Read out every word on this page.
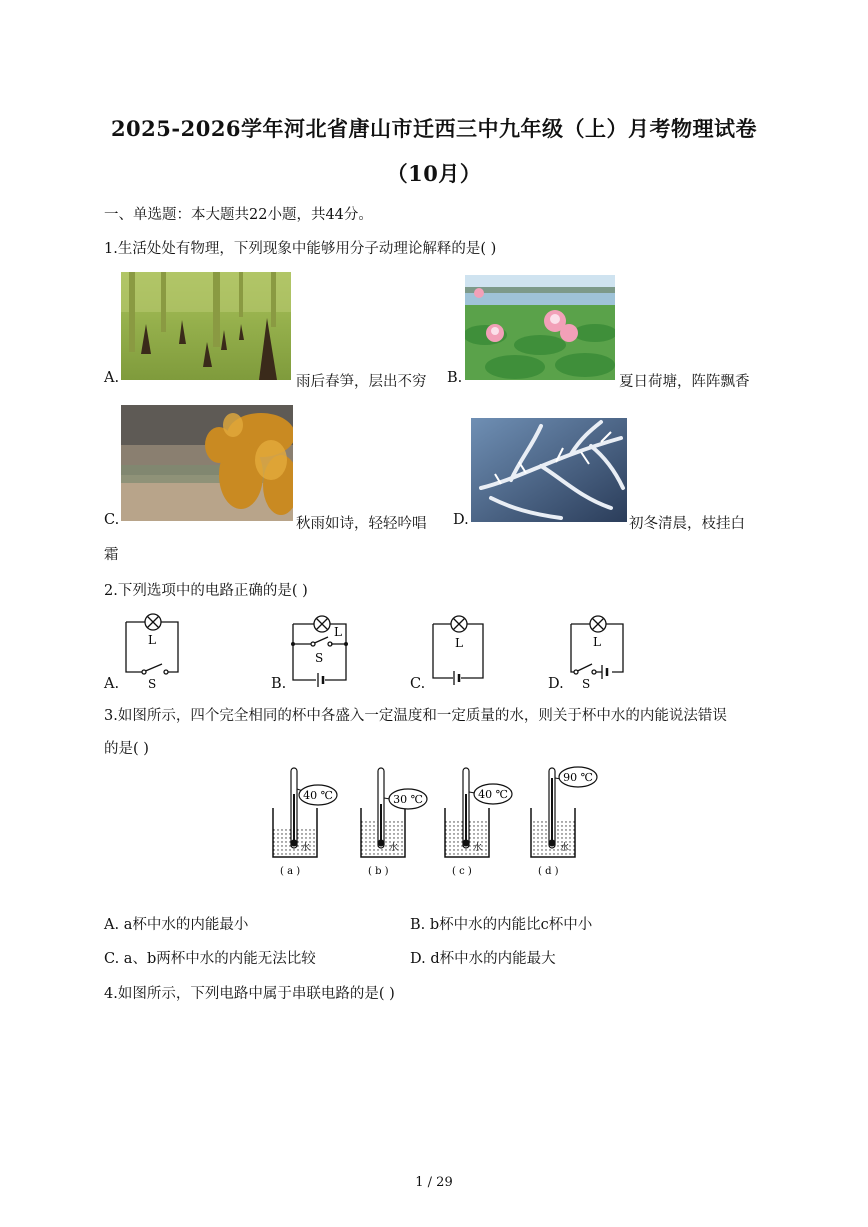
2025-2026学年河北省唐山市迁西三中九年级（上）月考物理试卷
（10月）
一、单选题：本大题共22小题，共44分。
1.生活处处有物理，下列现象中能够用分子动理论解释的是( )
A.	雨后春笋，层出不穷 B.	夏日荷塘，阵阵飘香
C.	秋雨如诗，轻轻吟唱 D.	初冬清晨，枝挂白
霜
2.下列选项中的电路正确的是( )
A.
L
S	B.
L
S
C.
L
D.
L
S
3.如图所示，四个完全相同的杯中各盛入一定温度和一定质量的水，则关于杯中水的内能说法错误
的是( )
40 ℃
水
( a )
30 ℃
水
( b )
40 ℃
水
( c )
90 ℃
水
( d )
A. a杯中水的内能最小	B. b杯中水的内能比c杯中小
C. a、b两杯中水的内能无法比较	D. d杯中水的内能最大
4.如图所示，下列电路中属于串联电路的是( )
1 / 29
